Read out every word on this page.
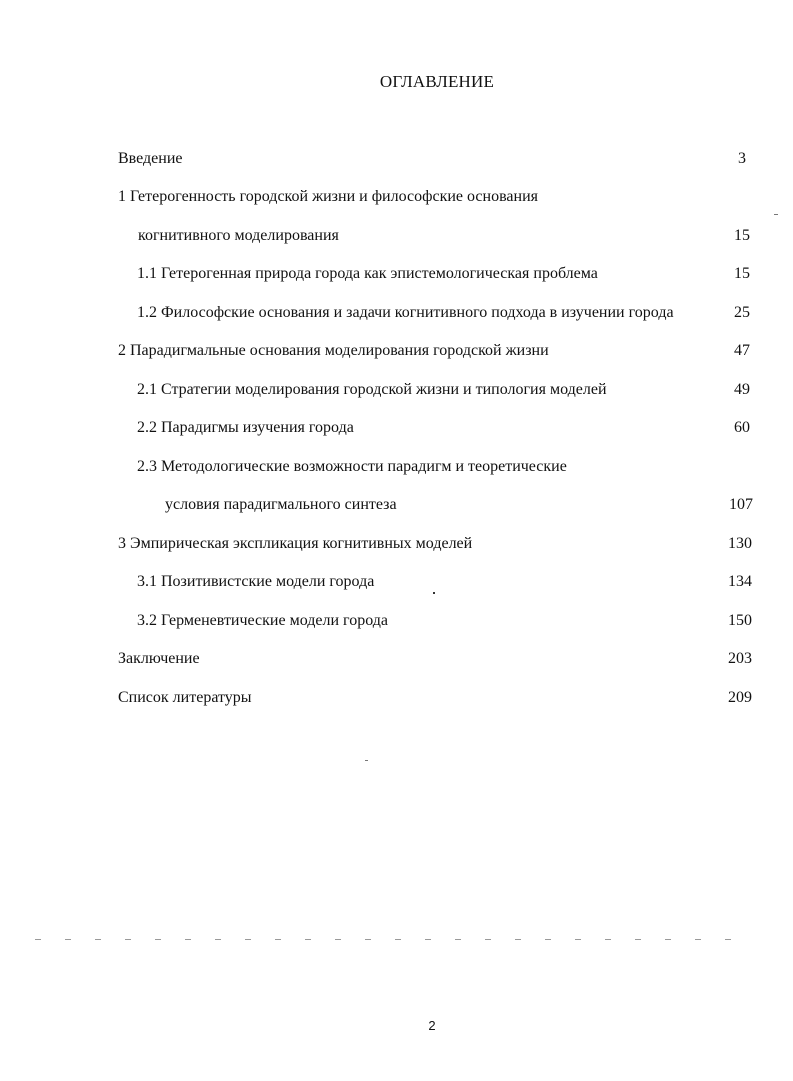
ОГЛАВЛЕНИЕ
Введение	3
1 Гетерогенность городской жизни и философские основания
когнитивного моделирования	15
1.1 Гетерогенная природа города как эпистемологическая проблема	15
1.2 Философские основания и задачи когнитивного подхода в изучении города	25
2 Парадигмальные основания моделирования городской жизни	47
2.1 Стратегии моделирования городской жизни и типология моделей	49
2.2 Парадигмы изучения города	60
2.3 Методологические возможности парадигм и теоретические
условия парадигмального синтеза	107
3 Эмпирическая экспликация когнитивных моделей	130
3.1 Позитивистские модели города	134
3.2 Герменевтические модели города	150
Заключение	203
Список литературы	209
2
